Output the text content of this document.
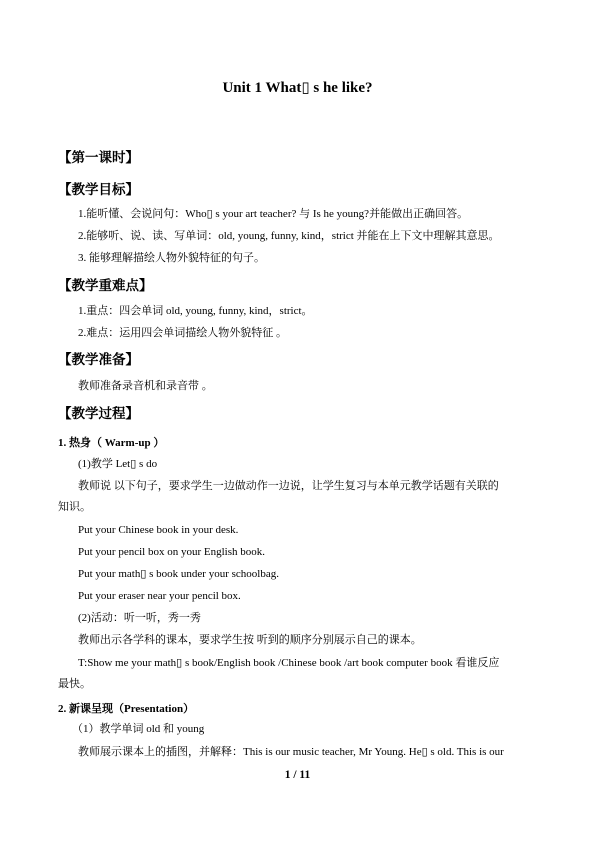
Unit 1 What▯ s he like?
【第一课时】
【教学目标】
1.能听懂、会说问句：Who▯ s your art teacher? 与 Is he young?并能做出正确回答。
2.能够听、说、读、写单词：old, young, funny, kind，strict 并能在上下文中理解其意思。
3. 能够理解描绘人物外貌特征的句子。
【教学重难点】
1.重点：四会单词 old, young, funny, kind，strict。
2.难点：运用四会单词描绘人物外貌特征 。
【教学准备】
教师准备录音机和录音带 。
【教学过程】
1. 热身（ Warm-up ）
(1)教学 Let▯ s do
教师说 以下句子，要求学生一边做动作一边说，让学生复习与本单元教学话题有关联的
知识。
Put your Chinese book in your desk.
Put your pencil box on your English book.
Put your math▯ s book under your schoolbag.
Put your eraser near your pencil box.
(2)活动：听一听，秀一秀
教师出示各学科的课本，要求学生按 听到的顺序分别展示自己的课本。
T:Show me your math▯ s book/English book /Chinese book /art book computer book 看谁反应
最快。
2. 新课呈现（Presentation）
（1）教学单词 old 和 young
教师展示课本上的插图，并解释：This is our music teacher, Mr Young. He▯ s old. This is our
1 / 11
